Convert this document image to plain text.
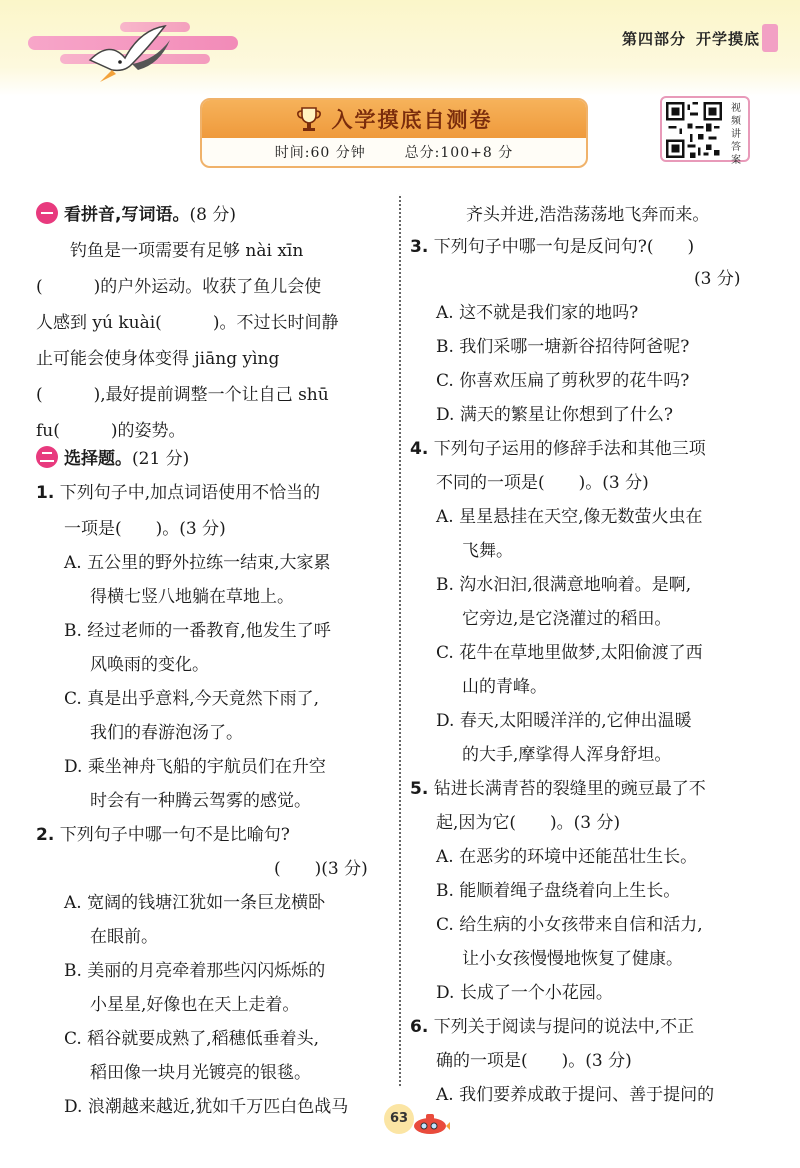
第四部分 开学摸底
入学摸底自测卷
时间:60 分钟	总分:100+8 分
视频讲答案
看拼音,写词语。(8 分)
钓鱼是一项需要有足够 nài xīn
(　　　)的户外运动。收获了鱼儿会使
人感到 yú kuài(　　　)。不过长时间静
止可能会使身体变得 jiāng yìng
(　　　),最好提前调整一个让自己 shū
fu(　　　)的姿势。
选择题。(21 分)
1. 下列句子中,加点词语使用不恰当的
一项是(　　)。(3 分)
A. 五公里的野外拉练一结束,大家累
得横七竖八地躺在草地上。
B. 经过老师的一番教育,他发生了呼
风唤雨的变化。
C. 真是出乎意料,今天竟然下雨了,
我们的春游泡汤了。
D. 乘坐神舟飞船的宇航员们在升空
时会有一种腾云驾雾的感觉。
2. 下列句子中哪一句不是比喻句?
(　　)(3 分)
A. 宽阔的钱塘江犹如一条巨龙横卧
在眼前。
B. 美丽的月亮牵着那些闪闪烁烁的
小星星,好像也在天上走着。
C. 稻谷就要成熟了,稻穗低垂着头,
稻田像一块月光镀亮的银毯。
D. 浪潮越来越近,犹如千万匹白色战马
齐头并进,浩浩荡荡地飞奔而来。
3. 下列句子中哪一句是反问句?(　　)
(3 分)
A. 这不就是我们家的地吗?
B. 我们采哪一塘新谷招待阿爸呢?
C. 你喜欢压扁了剪秋罗的花牛吗?
D. 满天的繁星让你想到了什么?
4. 下列句子运用的修辞手法和其他三项
不同的一项是(　　)。(3 分)
A. 星星悬挂在天空,像无数萤火虫在
飞舞。
B. 沟水汩汩,很满意地响着。是啊,
它旁边,是它浇灌过的稻田。
C. 花牛在草地里做梦,太阳偷渡了西
山的青峰。
D. 春天,太阳暖洋洋的,它伸出温暖
的大手,摩挲得人浑身舒坦。
5. 钻进长满青苔的裂缝里的豌豆最了不
起,因为它(　　)。(3 分)
A. 在恶劣的环境中还能茁壮生长。
B. 能顺着绳子盘绕着向上生长。
C. 给生病的小女孩带来自信和活力,
让小女孩慢慢地恢复了健康。
D. 长成了一个小花园。
6. 下列关于阅读与提问的说法中,不正
确的一项是(　　)。(3 分)
A. 我们要养成敢于提问、善于提问的
63
